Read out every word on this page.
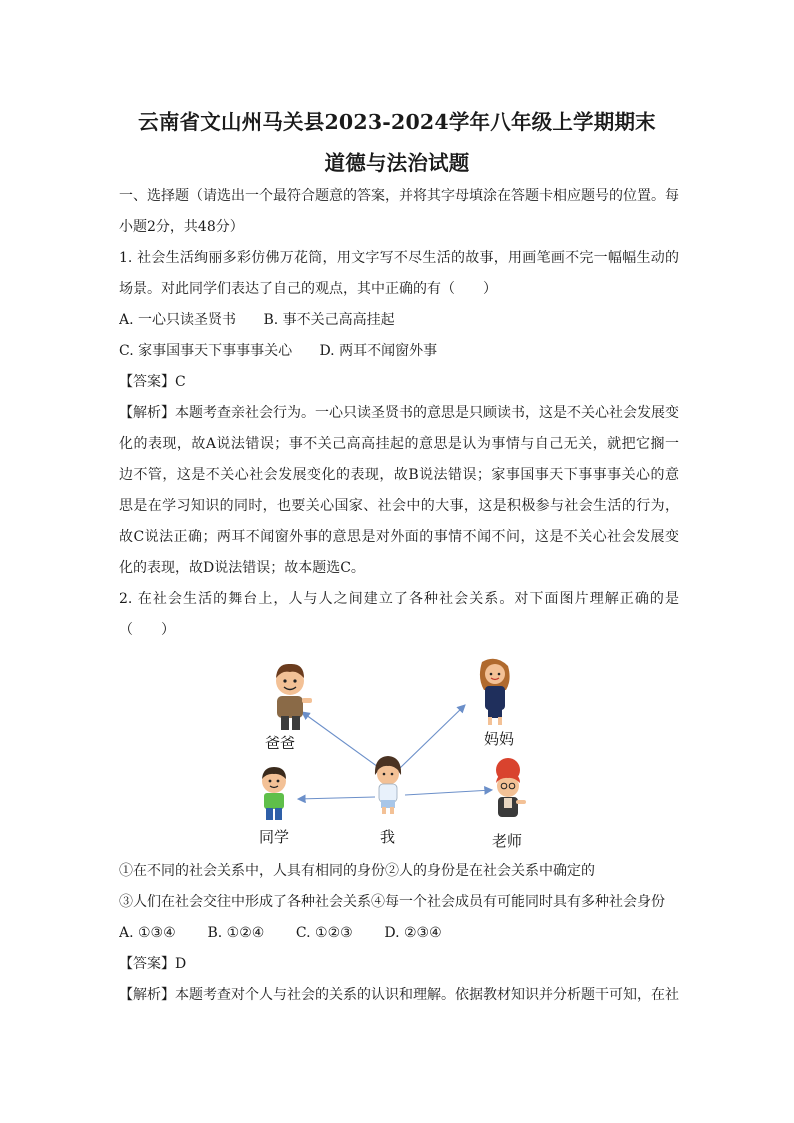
云南省文山州马关县2023-2024学年八年级上学期期末
道德与法治试题
一、选择题（请选出一个最符合题意的答案，并将其字母填涂在答题卡相应题号的位置。每
小题2分，共48分）
1. 社会生活绚丽多彩仿佛万花筒，用文字写不尽生活的故事，用画笔画不完一幅幅生动的
场景。对此同学们表达了自己的观点，其中正确的有（　　）
A. 一心只读圣贤书 B. 事不关己高高挂起
C. 家事国事天下事事事关心 D. 两耳不闻窗外事
【答案】C
【解析】本题考查亲社会行为。一心只读圣贤书的意思是只顾读书，这是不关心社会发展变
化的表现，故A说法错误；事不关己高高挂起的意思是认为事情与自己无关，就把它搁一
边不管，这是不关心社会发展变化的表现，故B说法错误；家事国事天下事事事关心的意
思是在学习知识的同时，也要关心国家、社会中的大事，这是积极参与社会生活的行为，
故C说法正确；两耳不闻窗外事的意思是对外面的事情不闻不问，这是不关心社会发展变
化的表现，故D说法错误；故本题选C。
2. 在社会生活的舞台上，人与人之间建立了各种社会关系。对下面图片理解正确的是
（　　）
爸爸	妈妈
同学	我	老师
①在不同的社会关系中，人具有相同的身份②人的身份是在社会关系中确定的
③人们在社会交往中形成了各种社会关系④每一个社会成员有可能同时具有多种社会身份
A. ①③④ B. ①②④ C. ①②③ D. ②③④
【答案】D
【解析】本题考查对个人与社会的关系的认识和理解。依据教材知识并分析题干可知，在社
